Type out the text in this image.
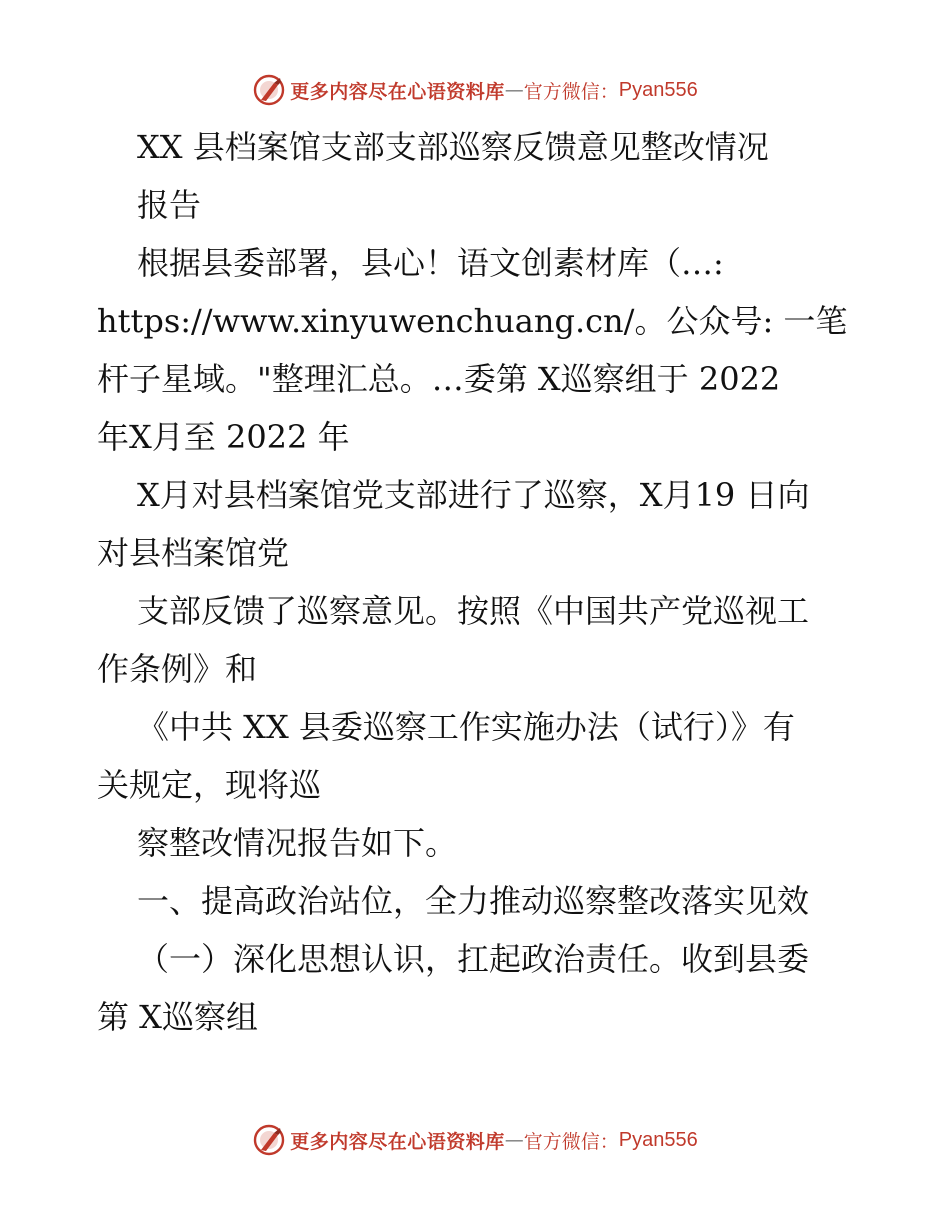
更多内容尽在心语资料库 — 官方微信： Pyan556
XX 县档案馆支部支部巡察反馈意见整改情况
报告
根据县委部署，县心！语文创素材库（…:
https://www.xinyuwenchuang.cn/。公众号: 一笔
杆子星域。"整理汇总。…委第 X巡察组于 2022
年X月至 2022 年
X月对县档案馆党支部进行了巡察，X月19 日向
对县档案馆党
支部反馈了巡察意见。按照《中国共产党巡视工
作条例》和
《中共 XX 县委巡察工作实施办法（试行）》有
关规定，现将巡
察整改情况报告如下。
一、提高政治站位，全力推动巡察整改落实见效
（一）深化思想认识，扛起政治责任。收到县委
第 X巡察组
更多内容尽在心语资料库 — 官方微信： Pyan556
